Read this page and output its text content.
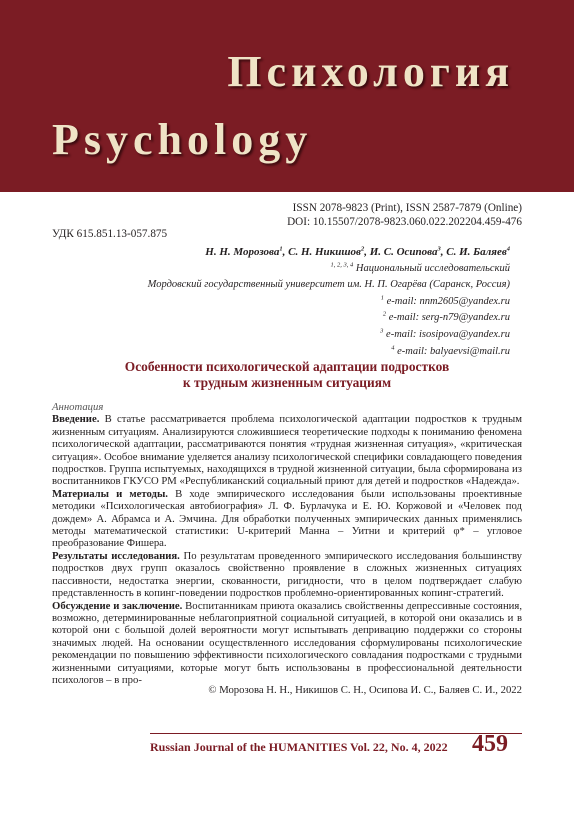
Психология
Psychology
ISSN 2078-9823 (Print), ISSN 2587-7879 (Online)
DOI: 10.15507/2078-9823.060.022.202204.459-476
УДК 615.851.13-057.875
Н. Н. Морозова$^1$, С. Н. Никишов$^2$, И. С. Осипова$^3$, С. И. Баляев$^4$
$^{1, 2, 3, 4}$ Национальный исследовательский
Мордовский государственный университет им. Н. П. Огарёва (Саранск, Россия)
$^1$ e-mail: nnm2605@yandex.ru
$^2$ e-mail: serg-n79@yandex.ru
$^3$ e-mail: isosipova@yandex.ru
$^4$ e-mail: balyaevsi@mail.ru
Особенности психологической адаптации подростков
к трудным жизненным ситуациям

Аннотация

Введение. В статье рассматривается проблема психологической адаптации подростков к трудным жизненным ситуациям. Анализируются сложившиеся теоретические подходы к пониманию феномена психологической адаптации, рассматриваются понятия «трудная жизненная ситуация», «критическая ситуация». Особое внимание уделяется анализу психологической специфики совладающего поведения подростков. Группа испытуемых, находящихся в трудной жизненной ситуации, была сформирована из воспитанников ГКУСО РМ «Республиканский социальный приют для детей и подростков «Надежда».

Материалы и методы. В ходе эмпирического исследования были использованы проективные методики «Психологическая автобиография» Л. Ф. Бурлачука и Е. Ю. Коржовой и «Человек под дождем» А. Абрамса и А. Эмчина. Для обработки полученных эмпирических данных применялись методы математической статистики: U-критерий Манна – Уитни и критерий φ* – угловое преобразование Фишера.

Результаты исследования. По результатам проведенного эмпирического исследования большинству подростков двух групп оказалось свойственно проявление в сложных жизненных ситуациях пассивности, недостатка энергии, скованности, ригидности, что в целом подтверждает слабую представленность в копинг-поведении подростков проблемно-ориентированных копинг-стратегий.

Обсуждение и заключение. Воспитанникам приюта оказались свойственны депрессивные состояния, возможно, детерминированные неблагоприятной социальной ситуацией, в которой они оказались и в которой они с большой долей вероятности могут испытывать депривацию поддержки со стороны значимых людей. На основании осуществленного исследования сформулированы психологические рекомендации по повышению эффективности психологического совладания подростками с трудными жизненными ситуациями, которые могут быть использованы в профессиональной деятельности психологов – в про-

© Морозова Н. Н., Никишов С. Н., Осипова И. С., Баляев С. И., 2022
Russian Journal of the HUMANITIES Vol. 22, No. 4, 2022 459
